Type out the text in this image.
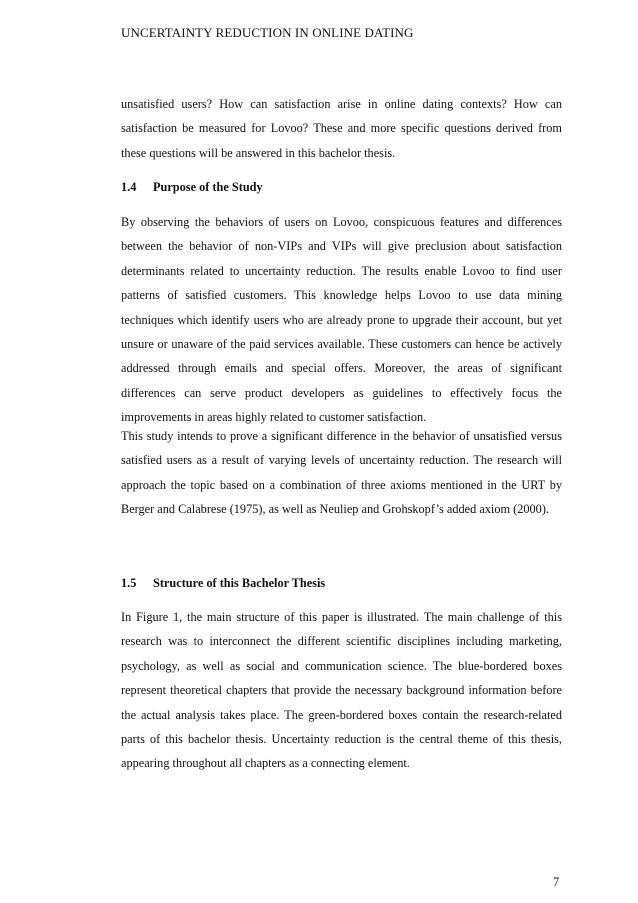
UNCERTAINTY REDUCTION IN ONLINE DATING

unsatisfied users? How can satisfaction arise in online dating contexts? How can satisfaction be measured for Lovoo? These and more specific questions derived from these questions will be answered in this bachelor thesis.

1.4 Purpose of the Study

By observing the behaviors of users on Lovoo, conspicuous features and differences between the behavior of non-VIPs and VIPs will give preclusion about satisfaction determinants related to uncertainty reduction. The results enable Lovoo to find user patterns of satisfied customers. This knowledge helps Lovoo to use data mining techniques which identify users who are already prone to upgrade their account, but yet unsure or unaware of the paid services available. These customers can hence be actively addressed through emails and special offers. Moreover, the areas of significant differences can serve product developers as guidelines to effectively focus the improvements in areas highly related to customer satisfaction.

This study intends to prove a significant difference in the behavior of unsatisfied versus satisfied users as a result of varying levels of uncertainty reduction. The research will approach the topic based on a combination of three axioms mentioned in the URT by Berger and Calabrese (1975), as well as Neuliep and Grohskopf’s added axiom (2000).

1.5 Structure of this Bachelor Thesis

In Figure 1, the main structure of this paper is illustrated. The main challenge of this research was to interconnect the different scientific disciplines including marketing, psychology, as well as social and communication science. The blue-bordered boxes represent theoretical chapters that provide the necessary background information before the actual analysis takes place. The green-bordered boxes contain the research-related parts of this bachelor thesis. Uncertainty reduction is the central theme of this thesis, appearing throughout all chapters as a connecting element.

7
